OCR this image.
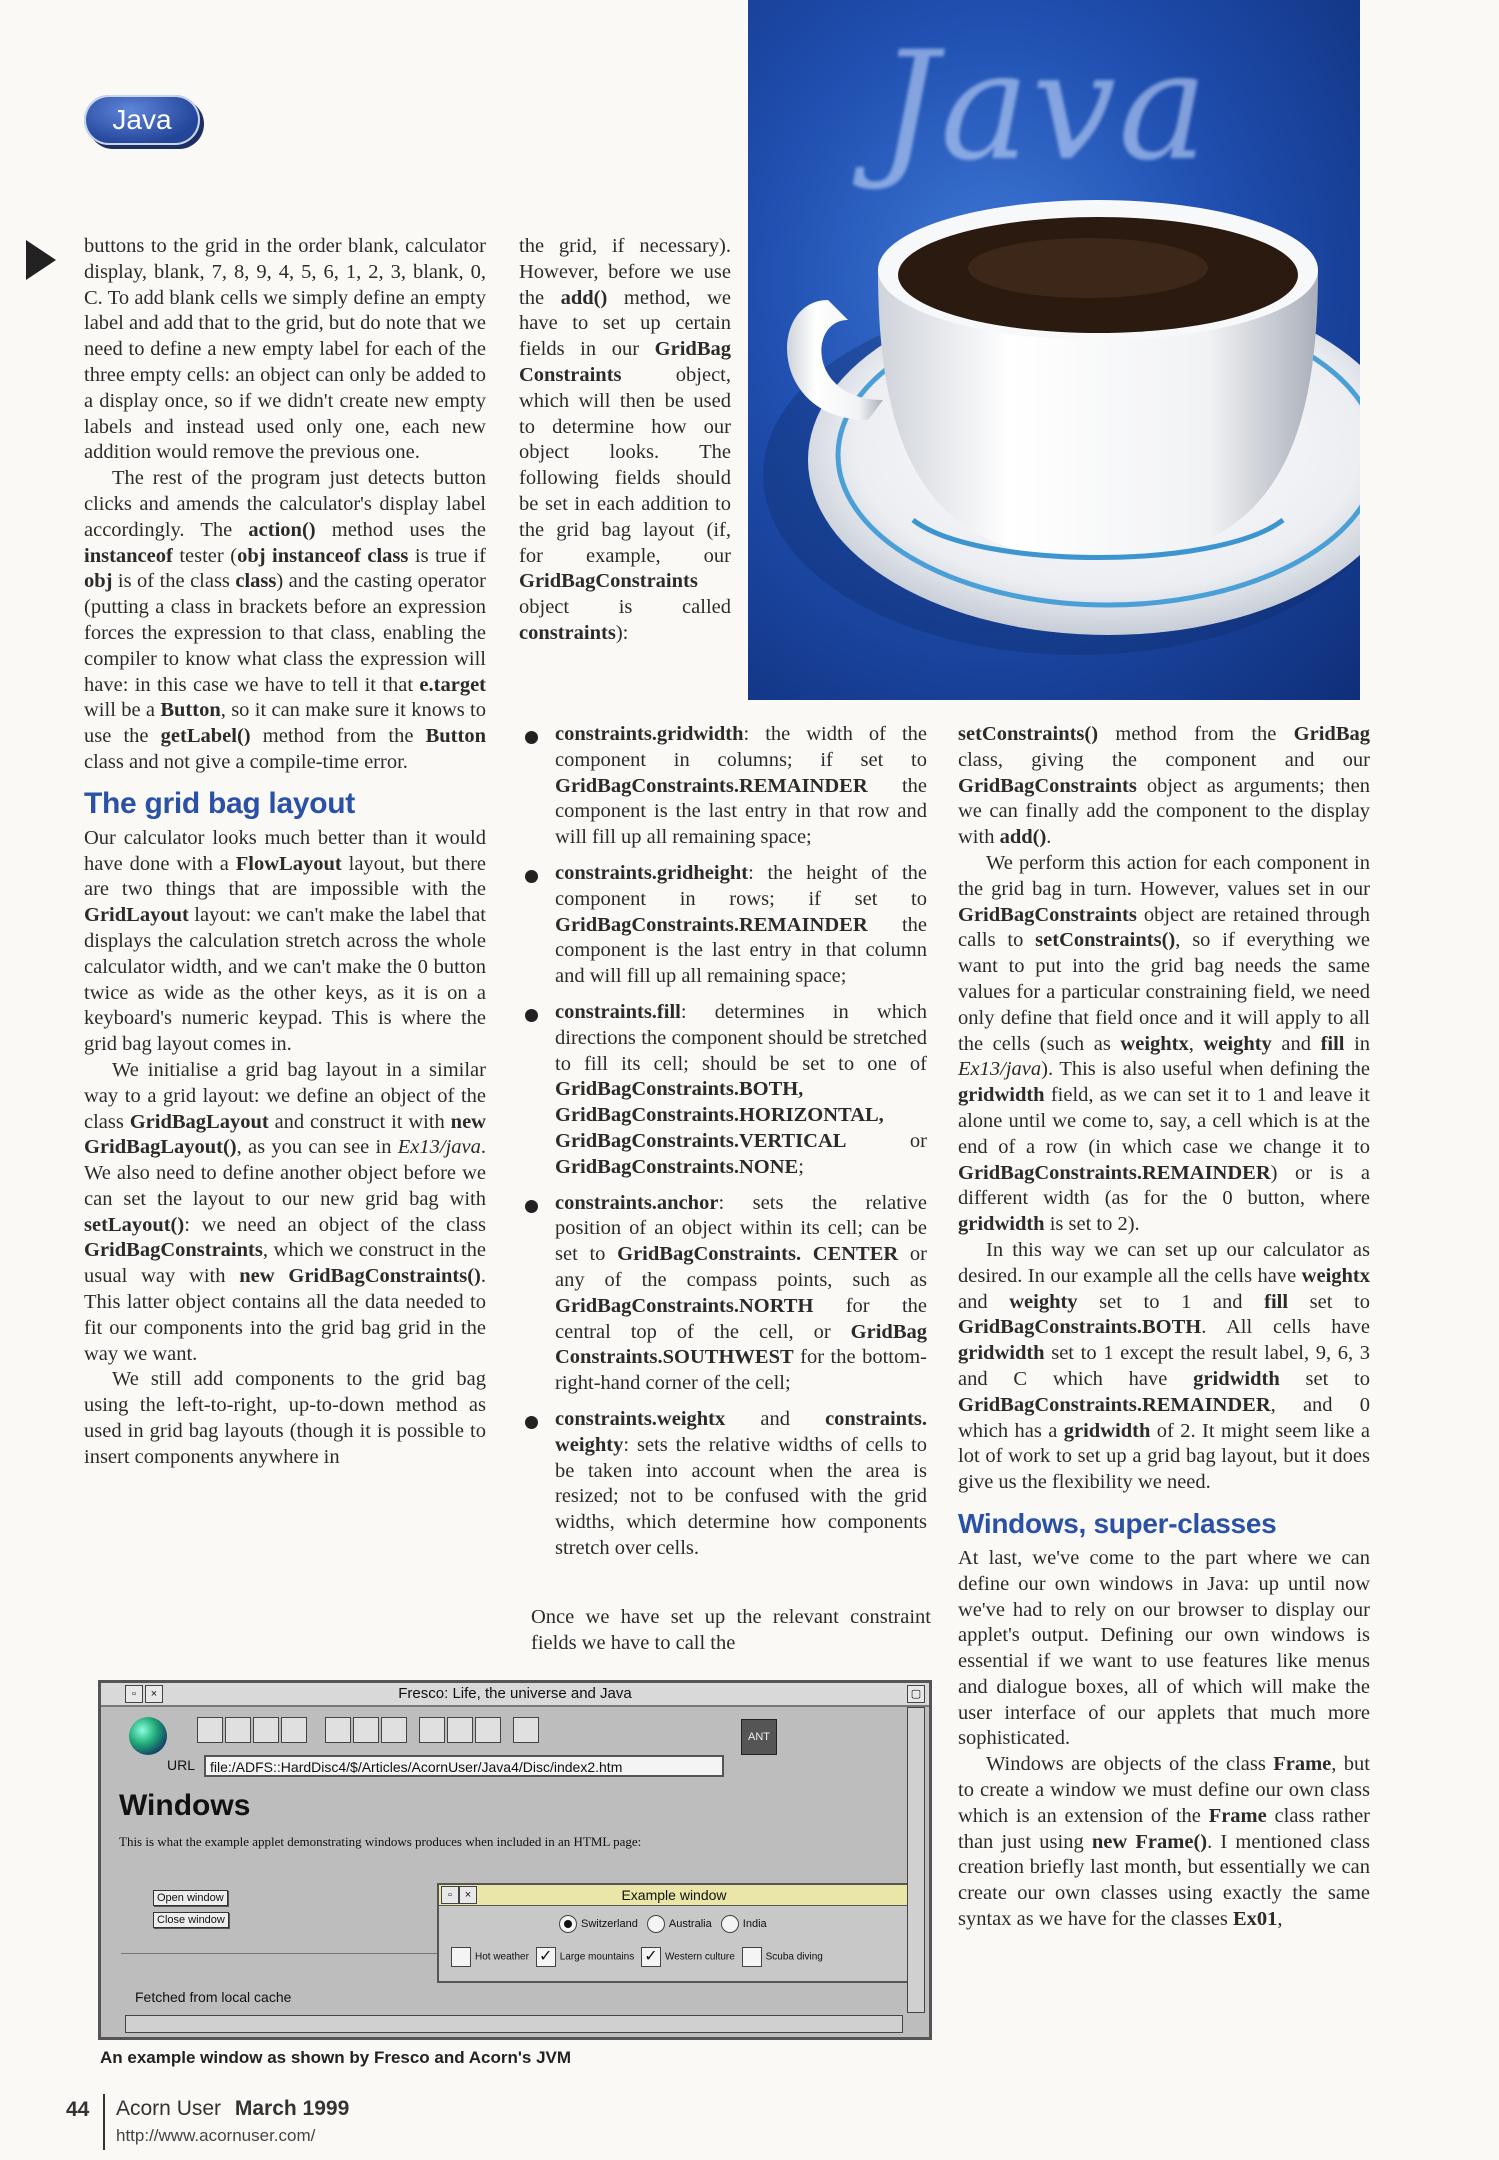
Java	Java

buttons to the grid in the order blank, calculator display, blank, 7, 8, 9, 4, 5, 6, 1, 2, 3, blank, 0, C. To add blank cells we simply define an empty label and add that to the grid, but do note that we need to define a new empty label for each of the three empty cells: an object can only be added to a display once, so if we didn't create new empty labels and instead used only one, each new addition would remove the previous one.

The rest of the program just detects button clicks and amends the calculator's display label accordingly. The action() method uses the instanceof tester (obj instanceof class is true if obj is of the class class) and the casting operator (putting a class in brackets before an expression forces the expression to that class, enabling the compiler to know what class the expression will have: in this case we have to tell it that e.target will be a Button, so it can make sure it knows to use the getLabel() method from the Button class and not give a compile-time error.

The grid bag layout

Our calculator looks much better than it would have done with a FlowLayout layout, but there are two things that are impossible with the GridLayout layout: we can't make the label that displays the calculation stretch across the whole calculator width, and we can't make the 0 button twice as wide as the other keys, as it is on a keyboard's numeric keypad. This is where the grid bag layout comes in.

We initialise a grid bag layout in a similar way to a grid layout: we define an object of the class GridBagLayout and construct it with new GridBagLayout(), as you can see in Ex13/java. We also need to define another object before we can set the layout to our new grid bag with setLayout(): we need an object of the class GridBagConstraints, which we construct in the usual way with new GridBagConstraints(). This latter object contains all the data needed to fit our components into the grid bag grid in the way we want.

We still add components to the grid bag using the left-to-right, up-to-down method as used in grid bag layouts (though it is possible to insert components anywhere in

the grid, if necessary). However, before we use the add() method, we have to set up certain fields in our GridBag Constraints object, which will then be used to determine how our object looks. The following fields should be set in each addition to the grid bag layout (if, for example, our GridBagConstraints object is called constraints):

constraints.gridwidth: the width of the component in columns; if set to GridBagConstraints.REMAINDER the component is the last entry in that row and will fill up all remaining space;
constraints.gridheight: the height of the component in rows; if set to GridBagConstraints.REMAINDER the component is the last entry in that column and will fill up all remaining space;
constraints.fill: determines in which directions the component should be stretched to fill its cell; should be set to one of GridBagConstraints.BOTH, GridBagConstraints.HORIZONTAL, GridBagConstraints.VERTICAL or GridBagConstraints.NONE;
constraints.anchor: sets the relative position of an object within its cell; can be set to GridBagConstraints. CENTER or any of the compass points, such as GridBagConstraints.NORTH for the central top of the cell, or GridBag Constraints.SOUTHWEST for the bottom-right-hand corner of the cell;
constraints.weightx and constraints. weighty: sets the relative widths of cells to be taken into account when the area is resized; not to be confused with the grid widths, which determine how components stretch over cells.

Once we have set up the relevant constraint fields we have to call the

setConstraints() method from the GridBag class, giving the component and our GridBagConstraints object as arguments; then we can finally add the component to the display with add().

We perform this action for each component in the grid bag in turn. However, values set in our GridBagConstraints object are retained through calls to setConstraints(), so if everything we want to put into the grid bag needs the same values for a particular constraining field, we need only define that field once and it will apply to all the cells (such as weightx, weighty and fill in Ex13/java). This is also useful when defining the gridwidth field, as we can set it to 1 and leave it alone until we come to, say, a cell which is at the end of a row (in which case we change it to GridBagConstraints.REMAINDER) or is a different width (as for the 0 button, where gridwidth is set to 2).

In this way we can set up our calculator as desired. In our example all the cells have weightx and weighty set to 1 and fill set to GridBagConstraints.BOTH. All cells have gridwidth set to 1 except the result label, 9, 6, 3 and C which have gridwidth set to GridBagConstraints.REMAINDER, and 0 which has a gridwidth of 2. It might seem like a lot of work to set up a grid bag layout, but it does give us the flexibility we need.

Windows, super-classes

At last, we've come to the part where we can define our own windows in Java: up until now we've had to rely on our browser to display our applet's output. Defining our own windows is essential if we want to use features like menus and dialogue boxes, all of which will make the user interface of our applets that much more sophisticated.

Windows are objects of the class Frame, but to create a window we must define our own class which is an extension of the Frame class rather than just using new Frame(). I mentioned class creation briefly last month, but essentially we can create our own classes using exactly the same syntax as we have for the classes Ex01,

▫	×	Fresco: Life, the universe and Java	▢
ANT
URL	file:/ADFS::HardDisc4/$/Articles/AcornUser/Java4/Disc/index2.htm
Windows
This is what the example applet demonstrating windows produces when included in an HTML page:
Open window
Close window
▫	×	Example window
Switzerland	Australia	India
Hot weather ✓ Large mountains ✓ Western culture	Scuba diving
Fetched from local cache
An example window as shown by Fresco and Acorn's JVM
44 Acorn User March 1999
http://www.acornuser.com/
